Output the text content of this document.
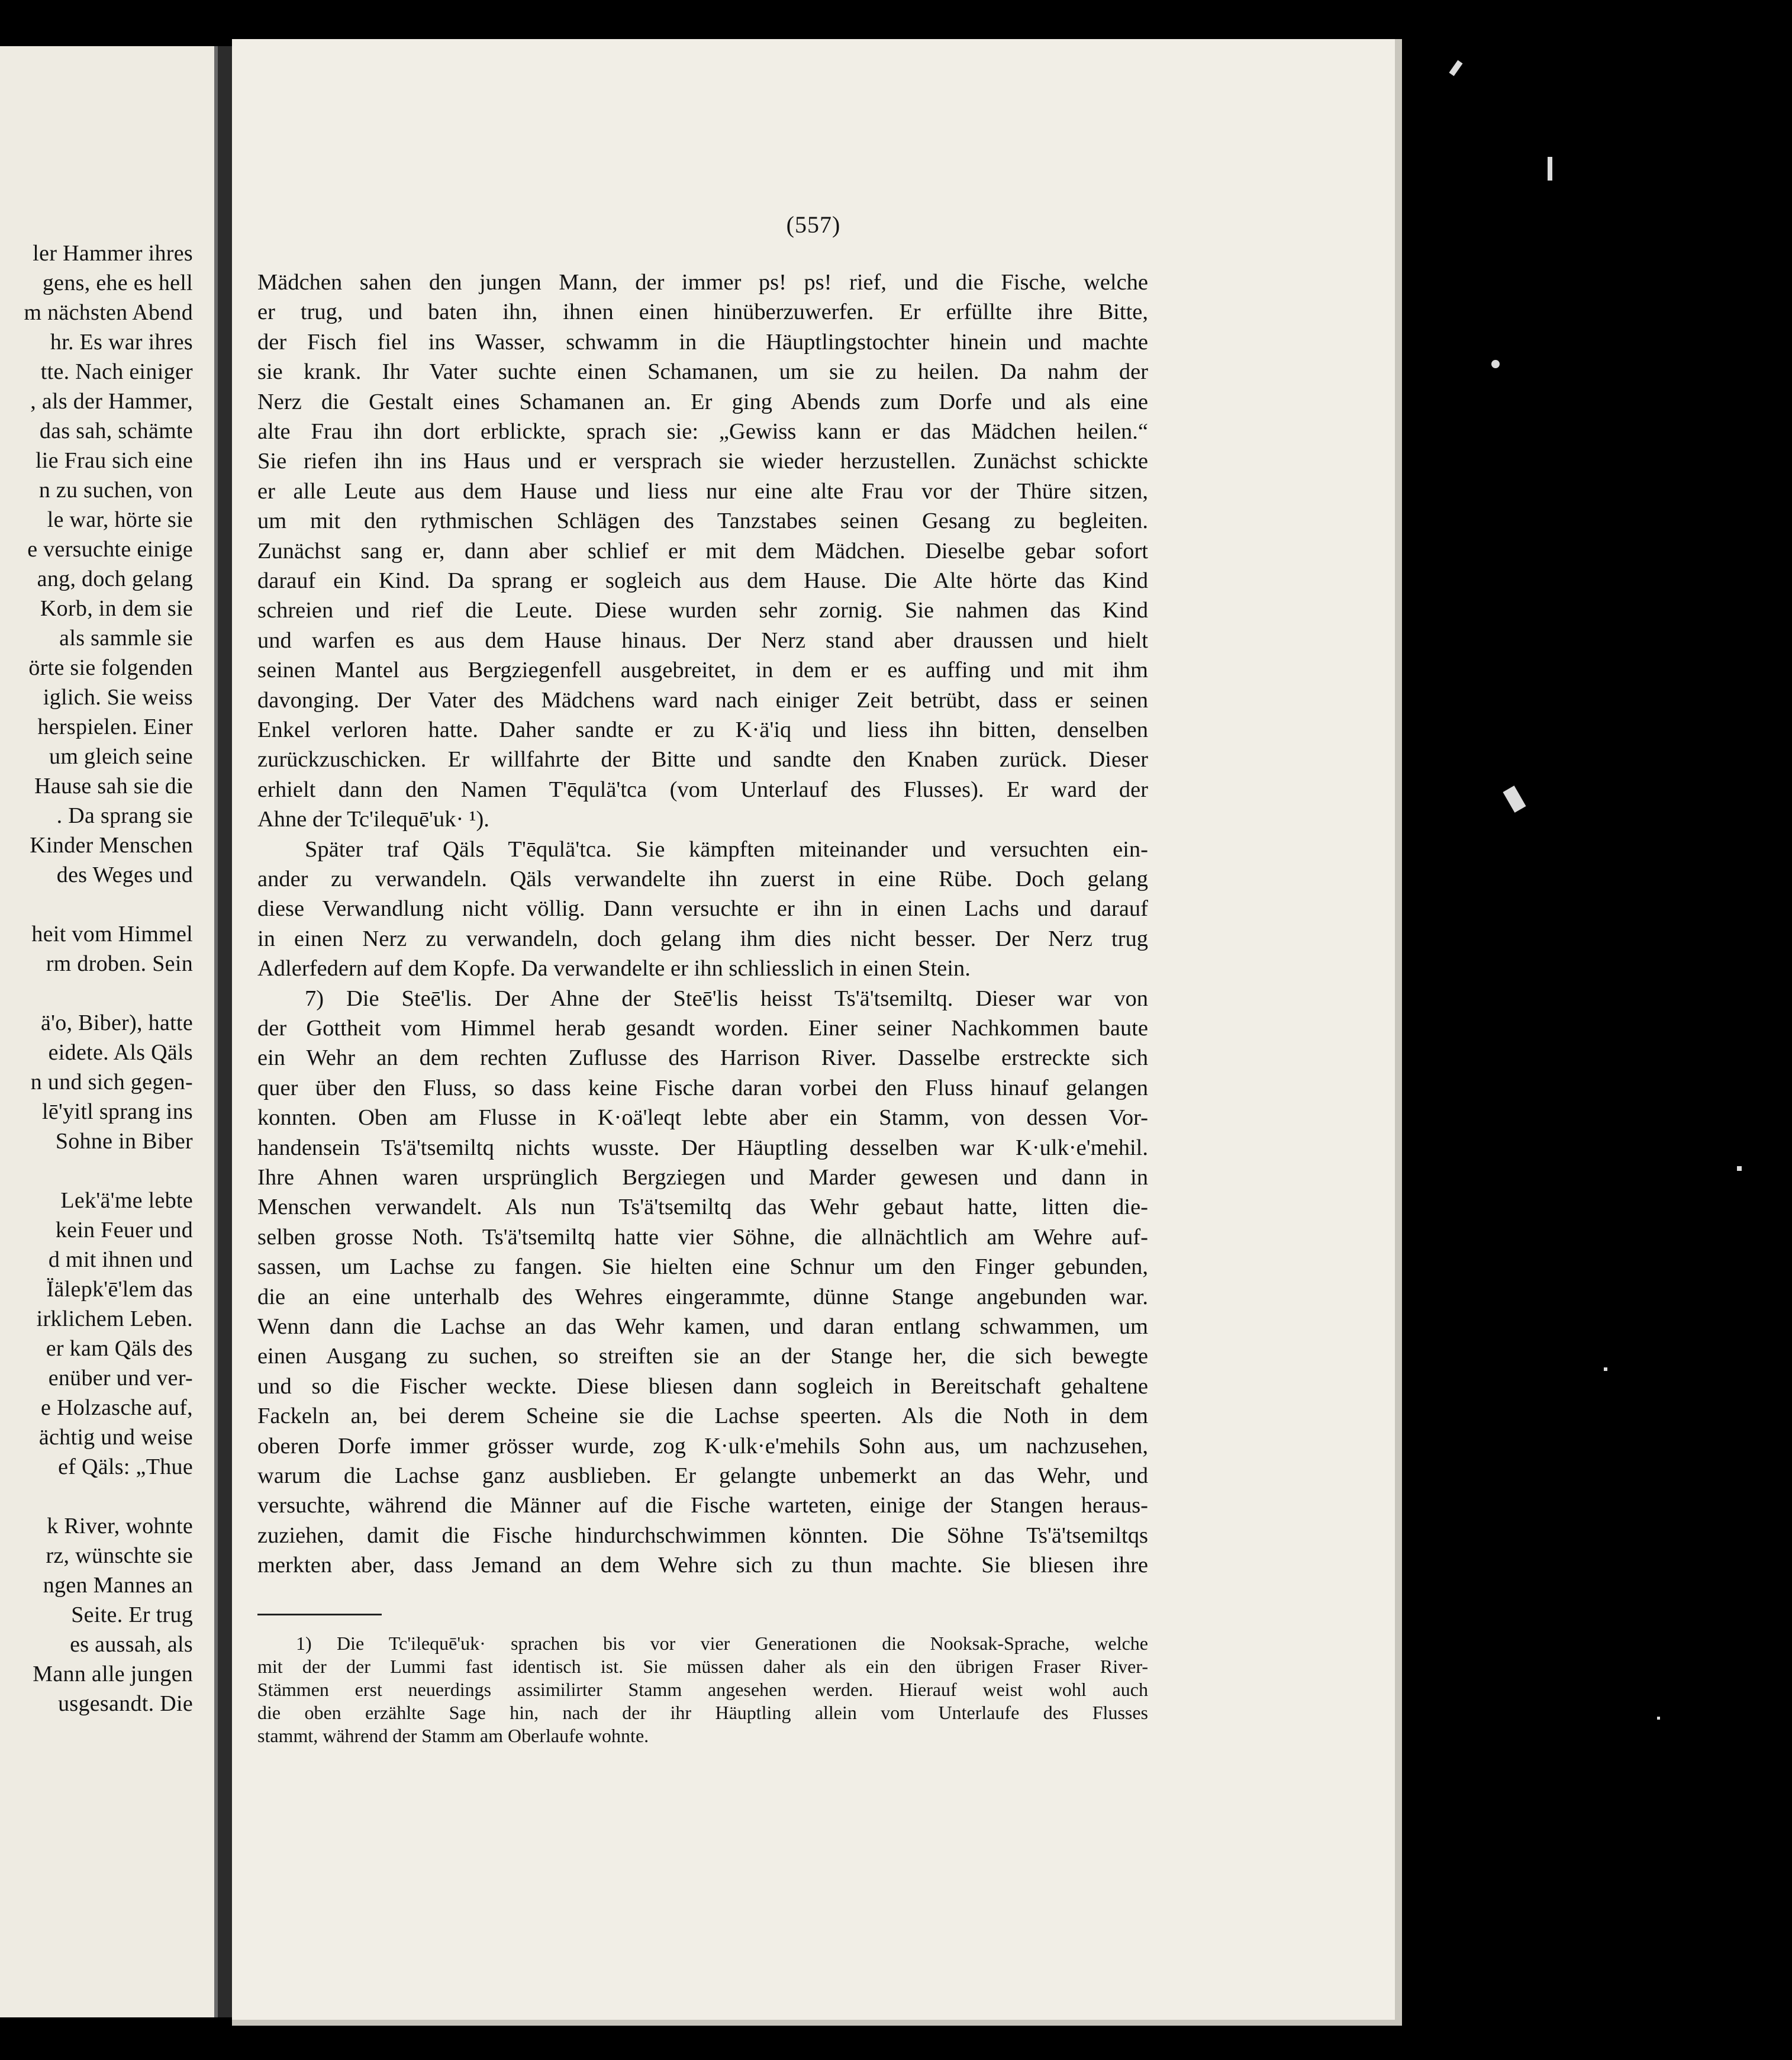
ler Hammer ihres
gens, ehe es hell
m nächsten Abend
hr. Es war ihres
tte. Nach einiger
, als der Hammer,
das sah, schämte
lie Frau sich eine
n zu suchen, von
le war, hörte sie
e versuchte einige
ang, doch gelang
Korb, in dem sie
als sammle sie
örte sie folgenden
iglich. Sie weiss
herspielen. Einer
um gleich seine
Hause sah sie die
. Da sprang sie
Kinder Menschen
des Weges und
heit vom Himmel
rm droben. Sein
ä'o, Biber), hatte
eidete. Als Qäls
n und sich gegen-
lē'yitl sprang ins
Sohne in Biber
Lek'ä'me lebte
kein Feuer und
d mit ihnen und
Ïälepk'ē'lem das
irklichem Leben.
er kam Qäls des
enüber und ver-
e Holzasche auf,
ächtig und weise
ef Qäls: „Thue
k River, wohnte
rz, wünschte sie
ngen Mannes an
Seite. Er trug
es aussah, als
Mann alle jungen
usgesandt. Die
(557)
Mädchen sahen den jungen Mann, der immer ps! ps! rief, und die Fische, welche
er trug, und baten ihn, ihnen einen hinüberzuwerfen. Er erfüllte ihre Bitte,
der Fisch fiel ins Wasser, schwamm in die Häuptlingstochter hinein und machte
sie krank. Ihr Vater suchte einen Schamanen, um sie zu heilen. Da nahm der
Nerz die Gestalt eines Schamanen an. Er ging Abends zum Dorfe und als eine
alte Frau ihn dort erblickte, sprach sie: „Gewiss kann er das Mädchen heilen.“
Sie riefen ihn ins Haus und er versprach sie wieder herzustellen. Zunächst schickte
er alle Leute aus dem Hause und liess nur eine alte Frau vor der Thüre sitzen,
um mit den rythmischen Schlägen des Tanzstabes seinen Gesang zu begleiten.
Zunächst sang er, dann aber schlief er mit dem Mädchen. Dieselbe gebar sofort
darauf ein Kind. Da sprang er sogleich aus dem Hause. Die Alte hörte das Kind
schreien und rief die Leute. Diese wurden sehr zornig. Sie nahmen das Kind
und warfen es aus dem Hause hinaus. Der Nerz stand aber draussen und hielt
seinen Mantel aus Bergziegenfell ausgebreitet, in dem er es auffing und mit ihm
davonging. Der Vater des Mädchens ward nach einiger Zeit betrübt, dass er seinen
Enkel verloren hatte. Daher sandte er zu K·ä'iq und liess ihn bitten, denselben
zurückzuschicken. Er willfahrte der Bitte und sandte den Knaben zurück. Dieser
erhielt dann den Namen T'ēqulä'tca (vom Unterlauf des Flusses). Er ward der
Ahne der Tc'ilequē'uk· ¹).
Später traf Qäls T'ēqulä'tca. Sie kämpften miteinander und versuchten ein-
ander zu verwandeln. Qäls verwandelte ihn zuerst in eine Rübe. Doch gelang
diese Verwandlung nicht völlig. Dann versuchte er ihn in einen Lachs und darauf
in einen Nerz zu verwandeln, doch gelang ihm dies nicht besser. Der Nerz trug
Adlerfedern auf dem Kopfe. Da verwandelte er ihn schliesslich in einen Stein.
7) Die Steē'lis. Der Ahne der Steē'lis heisst Ts'ä'tsemiltq. Dieser war von
der Gottheit vom Himmel herab gesandt worden. Einer seiner Nachkommen baute
ein Wehr an dem rechten Zuflusse des Harrison River. Dasselbe erstreckte sich
quer über den Fluss, so dass keine Fische daran vorbei den Fluss hinauf gelangen
konnten. Oben am Flusse in K·oä'leqt lebte aber ein Stamm, von dessen Vor-
handensein Ts'ä'tsemiltq nichts wusste. Der Häuptling desselben war K·ulk·e'mehil.
Ihre Ahnen waren ursprünglich Bergziegen und Marder gewesen und dann in
Menschen verwandelt. Als nun Ts'ä'tsemiltq das Wehr gebaut hatte, litten die-
selben grosse Noth. Ts'ä'tsemiltq hatte vier Söhne, die allnächtlich am Wehre auf-
sassen, um Lachse zu fangen. Sie hielten eine Schnur um den Finger gebunden,
die an eine unterhalb des Wehres eingerammte, dünne Stange angebunden war.
Wenn dann die Lachse an das Wehr kamen, und daran entlang schwammen, um
einen Ausgang zu suchen, so streiften sie an der Stange her, die sich bewegte
und so die Fischer weckte. Diese bliesen dann sogleich in Bereitschaft gehaltene
Fackeln an, bei derem Scheine sie die Lachse speerten. Als die Noth in dem
oberen Dorfe immer grösser wurde, zog K·ulk·e'mehils Sohn aus, um nachzusehen,
warum die Lachse ganz ausblieben. Er gelangte unbemerkt an das Wehr, und
versuchte, während die Männer auf die Fische warteten, einige der Stangen heraus-
zuziehen, damit die Fische hindurchschwimmen könnten. Die Söhne Ts'ä'tsemiltqs
merkten aber, dass Jemand an dem Wehre sich zu thun machte. Sie bliesen ihre
1) Die Tc'ilequē'uk· sprachen bis vor vier Generationen die Nooksak-Sprache, welche
mit der der Lummi fast identisch ist. Sie müssen daher als ein den übrigen Fraser River-
Stämmen erst neuerdings assimilirter Stamm angesehen werden. Hierauf weist wohl auch
die oben erzählte Sage hin, nach der ihr Häuptling allein vom Unterlaufe des Flusses
stammt, während der Stamm am Oberlaufe wohnte.
